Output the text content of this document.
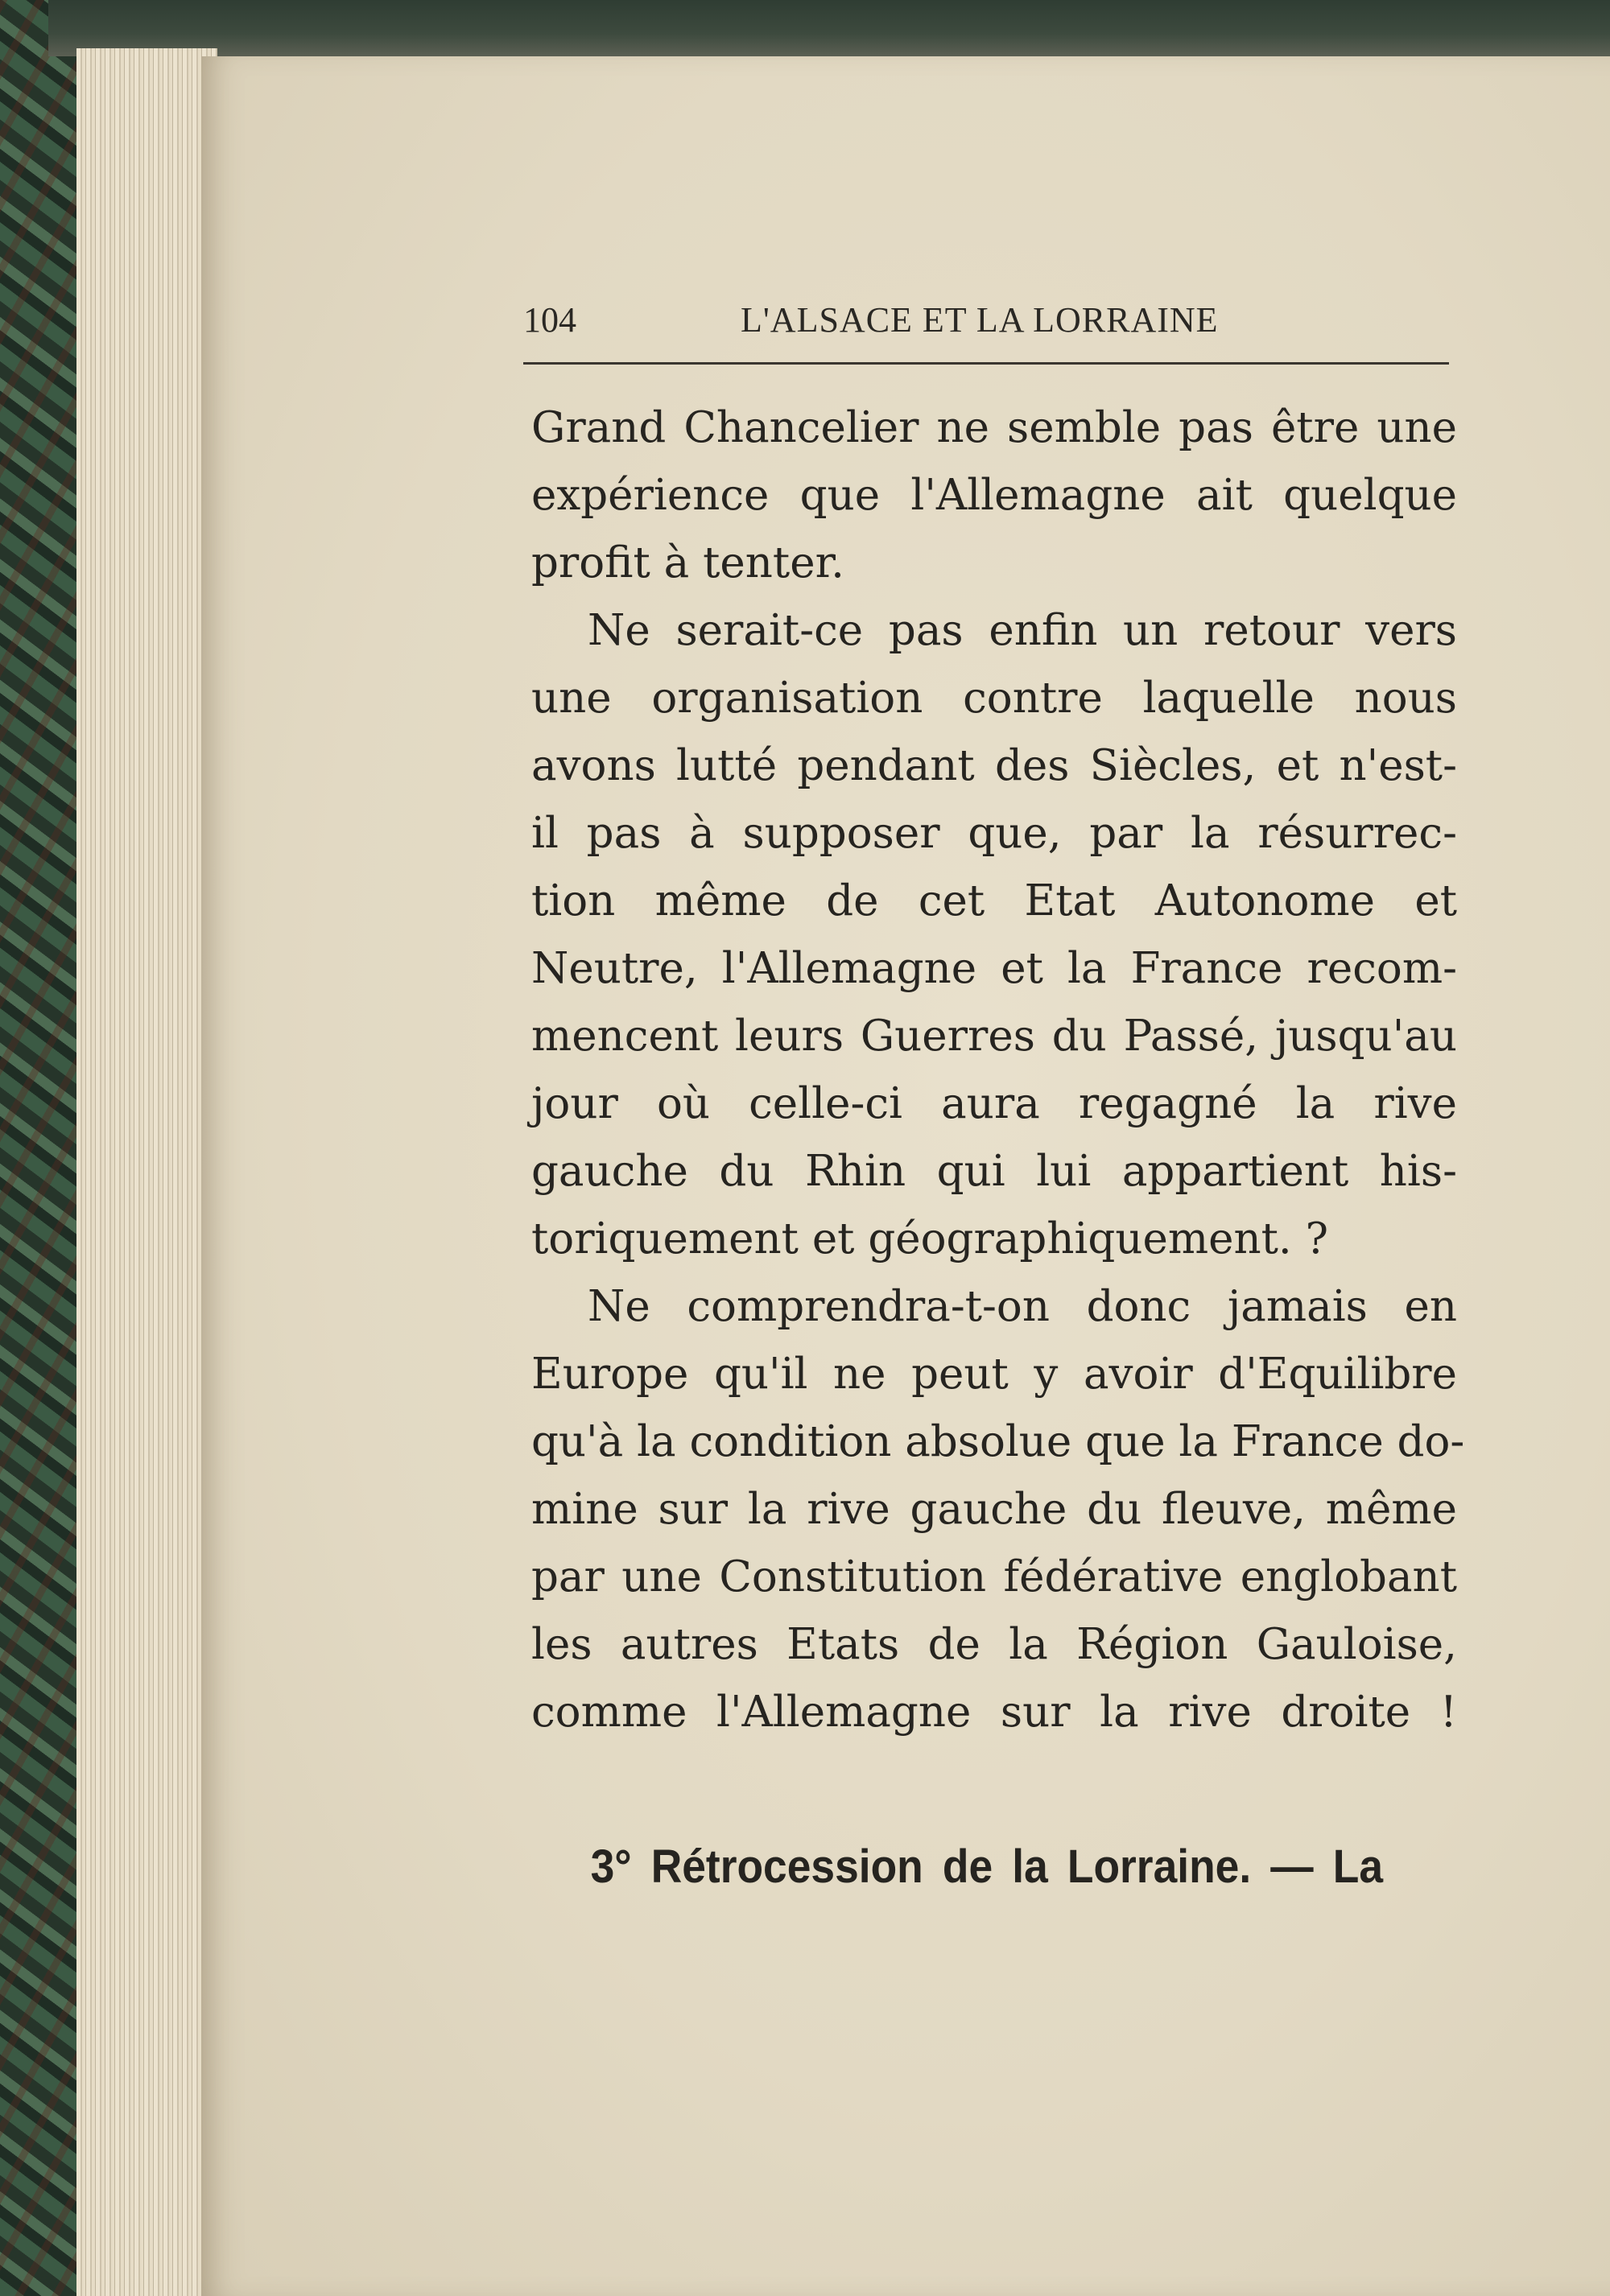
104	L'ALSACE ET LA LORRAINE
Grand Chancelier ne semble pas être une
expérience que l'Allemagne ait quelque
profit à tenter.
Ne serait-ce pas enfin un retour vers
une organisation contre laquelle nous
avons lutté pendant des Siècles, et n'est-
il pas à supposer que, par la résurrec-
tion même de cet Etat Autonome et
Neutre, l'Allemagne et la France recom-
mencent leurs Guerres du Passé, jusqu'au
jour où celle-ci aura regagné la rive
gauche du Rhin qui lui appartient his-
toriquement et géographiquement. ?
Ne comprendra-t-on donc jamais en
Europe qu'il ne peut y avoir d'Equilibre
qu'à la condition absolue que la France do-
mine sur la rive gauche du fleuve, même
par une Constitution fédérative englobant
les autres Etats de la Région Gauloise,
comme l'Allemagne sur la rive droite !
3° Rétrocession de la Lorraine. — La
